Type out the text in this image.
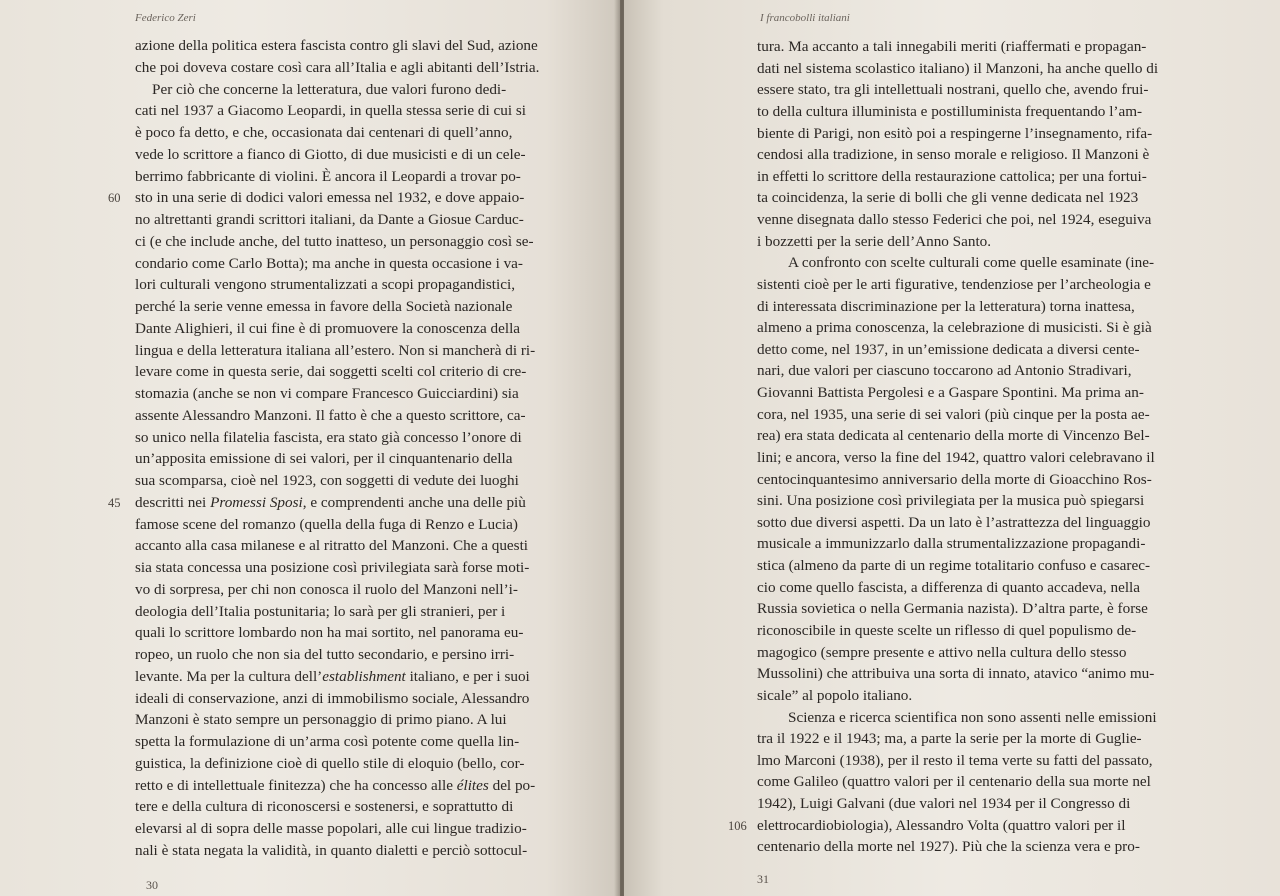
Federico Zeri
azione della politica estera fascista contro gli slavi del Sud, azione
che poi doveva costare così cara all’Italia e agli abitanti dell’Istria.
Per ciò che concerne la letteratura, due valori furono dedi-
cati nel 1937 a Giacomo Leopardi, in quella stessa serie di cui si
è poco fa detto, e che, occasionata dai centenari di quell’anno,
vede lo scrittore a fianco di Giotto, di due musicisti e di un cele-
berrimo fabbricante di violini. È ancora il Leopardi a trovar po-
sto in una serie di dodici valori emessa nel 1932, e dove appaio-
no altrettanti grandi scrittori italiani, da Dante a Giosue Carduc-
ci (e che include anche, del tutto inatteso, un personaggio così se-
condario come Carlo Botta); ma anche in questa occasione i va-
lori culturali vengono strumentalizzati a scopi propagandistici,
perché la serie venne emessa in favore della Società nazionale
Dante Alighieri, il cui fine è di promuovere la conoscenza della
lingua e della letteratura italiana all’estero. Non si mancherà di ri-
levare come in questa serie, dai soggetti scelti col criterio di cre-
stomazia (anche se non vi compare Francesco Guicciardini) sia
assente Alessandro Manzoni. Il fatto è che a questo scrittore, ca-
so unico nella filatelia fascista, era stato già concesso l’onore di
un’apposita emissione di sei valori, per il cinquantenario della
sua scomparsa, cioè nel 1923, con soggetti di vedute dei luoghi
descritti nei Promessi Sposi, e comprendenti anche una delle più
famose scene del romanzo (quella della fuga di Renzo e Lucia)
accanto alla casa milanese e al ritratto del Manzoni. Che a questi
sia stata concessa una posizione così privilegiata sarà forse moti-
vo di sorpresa, per chi non conosca il ruolo del Manzoni nell’i-
deologia dell’Italia postunitaria; lo sarà per gli stranieri, per i
quali lo scrittore lombardo non ha mai sortito, nel panorama eu-
ropeo, un ruolo che non sia del tutto secondario, e persino irri-
levante. Ma per la cultura dell’establishment italiano, e per i suoi
ideali di conservazione, anzi di immobilismo sociale, Alessandro
Manzoni è stato sempre un personaggio di primo piano. A lui
spetta la formulazione di un’arma così potente come quella lin-
guistica, la definizione cioè di quello stile di eloquio (bello, cor-
retto e di intellettuale finitezza) che ha concesso alle élites del po-
tere e della cultura di riconoscersi e sostenersi, e soprattutto di
elevarsi al di sopra delle masse popolari, alle cui lingue tradizio-
nali è stata negata la validità, in quanto dialetti e perciò sottocul-
60
45
30
I francobolli italiani
tura. Ma accanto a tali innegabili meriti (riaffermati e propagan-
dati nel sistema scolastico italiano) il Manzoni, ha anche quello di
essere stato, tra gli intellettuali nostrani, quello che, avendo frui-
to della cultura illuminista e postilluminista frequentando l’am-
biente di Parigi, non esitò poi a respingerne l’insegnamento, rifa-
cendosi alla tradizione, in senso morale e religioso. Il Manzoni è
in effetti lo scrittore della restaurazione cattolica; per una fortui-
ta coincidenza, la serie di bolli che gli venne dedicata nel 1923
venne disegnata dallo stesso Federici che poi, nel 1924, eseguiva
i bozzetti per la serie dell’Anno Santo.
A confronto con scelte culturali come quelle esaminate (ine-
sistenti cioè per le arti figurative, tendenziose per l’archeologia e
di interessata discriminazione per la letteratura) torna inattesa,
almeno a prima conoscenza, la celebrazione di musicisti. Si è già
detto come, nel 1937, in un’emissione dedicata a diversi cente-
nari, due valori per ciascuno toccarono ad Antonio Stradivari,
Giovanni Battista Pergolesi e a Gaspare Spontini. Ma prima an-
cora, nel 1935, una serie di sei valori (più cinque per la posta ae-
rea) era stata dedicata al centenario della morte di Vincenzo Bel-
lini; e ancora, verso la fine del 1942, quattro valori celebravano il
centocinquantesimo anniversario della morte di Gioacchino Ros-
sini. Una posizione così privilegiata per la musica può spiegarsi
sotto due diversi aspetti. Da un lato è l’astrattezza del linguaggio
musicale a immunizzarlo dalla strumentalizzazione propagandi-
stica (almeno da parte di un regime totalitario confuso e casarec-
cio come quello fascista, a differenza di quanto accadeva, nella
Russia sovietica o nella Germania nazista). D’altra parte, è forse
riconoscibile in queste scelte un riflesso di quel populismo de-
magogico (sempre presente e attivo nella cultura dello stesso
Mussolini) che attribuiva una sorta di innato, atavico “animo mu-
sicale” al popolo italiano.
Scienza e ricerca scientifica non sono assenti nelle emissioni
tra il 1922 e il 1943; ma, a parte la serie per la morte di Guglie-
lmo Marconi (1938), per il resto il tema verte su fatti del passato,
come Galileo (quattro valori per il centenario della sua morte nel
1942), Luigi Galvani (due valori nel 1934 per il Congresso di
elettrocardiobiologia), Alessandro Volta (quattro valori per il
centenario della morte nel 1927). Più che la scienza vera e pro-
106
31
